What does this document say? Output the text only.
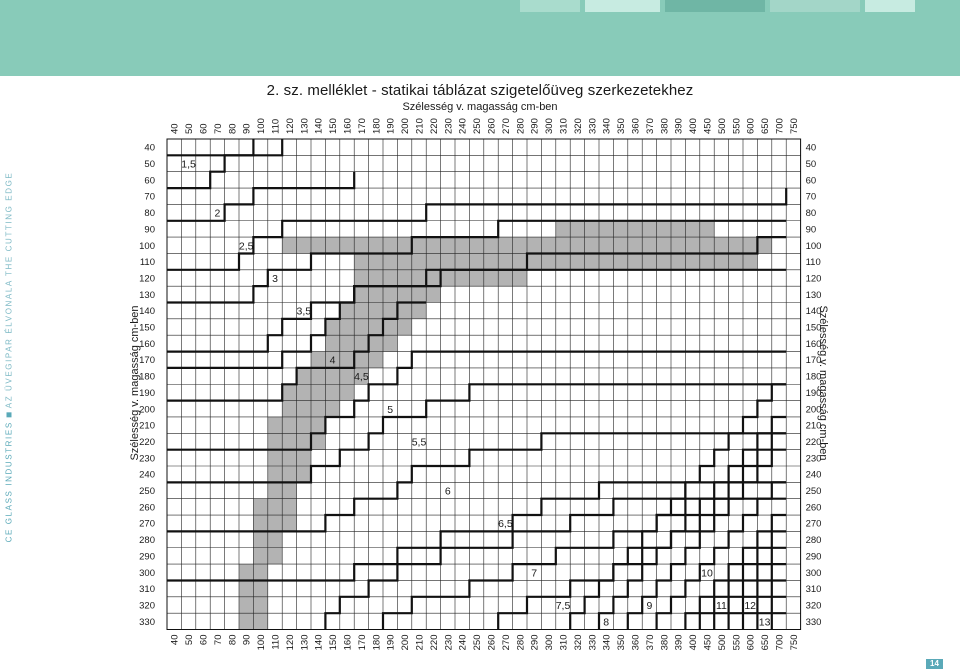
2. sz. melléklet - statikai táblázat szigetelőüveg szerkezetekhez
Szélesség v. magasság cm-ben
Szélesség v. magasság cm-ben	Szélesség v. magasság cm-ben
CE GLASS INDUSTRIESAZ ÜVEGIPAR ÉLVONALA THE CUTTING EDGE
40
40
50
50
60
60
70
70
80
80
90
90
100
100
110
110
120
120
130
130
140
140
150
150
160
160
170
170
180
180
190
190
200
200
210
210
220
220
230
230
240
240
250
250
260
260
270
270
280
280
290
290
300
300
310
310
320
320
330
330
340
340
350
350
360
360
370
370
380
380
390
390
400
400
450
450
500
500
550
550
600
600
650
650
700
700
750
750
40	40
50	50
60	60
70	70
80	80
90	90
100	100
110	110
120	120
130	130
140	140
150	150
160	160
170	170
180	180
190	190
200	200
210	210
220	220
230	230
240	240
250	250
260	260
270	270
280	280
290	290
300	300
310	310
320	320
330	330
1,5
2
2,5
3
3,5
4
4,5
5
5,5
6
6,5
7
7,5
8
9
10
11 12
13
14
